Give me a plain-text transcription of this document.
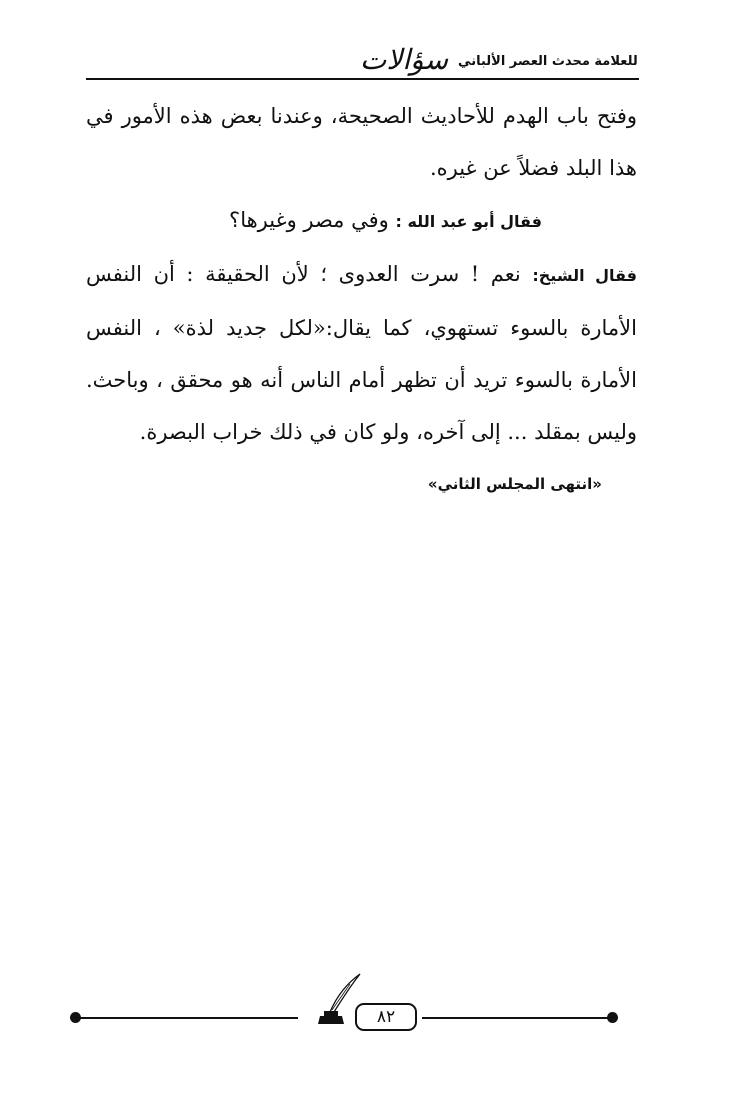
سؤالات للعلامة محدث العصر الألباني

وفتح باب الهدم للأحاديث الصحيحة، وعندنا بعض هذه الأمور في هذا البلد فضلاً عن غيره.

فقال أبو عبد الله : وفي مصر وغيرها؟

فقال الشيخ: نعم ! سرت العدوى ؛ لأن الحقيقة : أن النفس الأمارة بالسوء تستهوي، كما يقال:«لكل جديد لذة» ، النفس الأمارة بالسوء تريد أن تظهر أمام الناس أنه هو محقق ، وباحث. وليس بمقلد ... إلى آخره، ولو كان في ذلك خراب البصرة.

«انتهى المجلس الثاني»

٨٢
